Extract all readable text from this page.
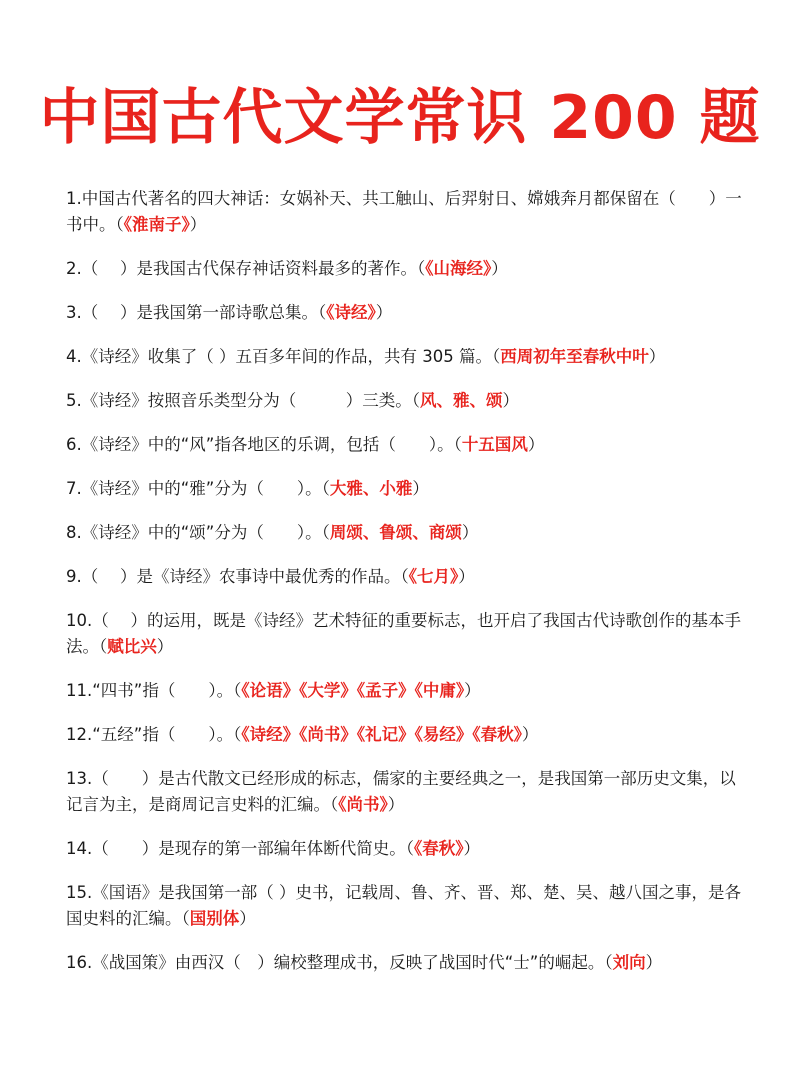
中国古代文学常识 200 题
1.中国古代著名的四大神话：女娲补天、共工触山、后羿射日、嫦娥奔月都保留在（　　）一书中。（《淮南子》）
2.（　 ）是我国古代保存神话资料最多的著作。（《山海经》）
3.（　 ）是我国第一部诗歌总集。（《诗经》）
4.《诗经》收集了（ ）五百多年间的作品，共有 305 篇。（西周初年至春秋中叶）
5.《诗经》按照音乐类型分为（　　　）三类。（风、雅、颂）
6.《诗经》中的“风”指各地区的乐调，包括（　　）。（十五国风）
7.《诗经》中的“雅”分为（　　）。（大雅、小雅）
8.《诗经》中的“颂”分为（　　）。（周颂、鲁颂、商颂）
9.（　 ）是《诗经》农事诗中最优秀的作品。（《七月》）
10.（　 ）的运用，既是《诗经》艺术特征的重要标志，也开启了我国古代诗歌创作的基本手法。（赋比兴）
11.“四书”指（　　）。（《论语》《大学》《孟子》《中庸》）
12.“五经”指（　　）。（《诗经》《尚书》《礼记》《易经》《春秋》）
13.（　　）是古代散文已经形成的标志，儒家的主要经典之一，是我国第一部历史文集，以记言为主，是商周记言史料的汇编。（《尚书》）
14.（　　）是现存的第一部编年体断代简史。（《春秋》）
15.《国语》是我国第一部（ ）史书，记载周、鲁、齐、晋、郑、楚、吴、越八国之事，是各国史料的汇编。（国别体）
16.《战国策》由西汉（　）编校整理成书，反映了战国时代“士”的崛起。（刘向）
